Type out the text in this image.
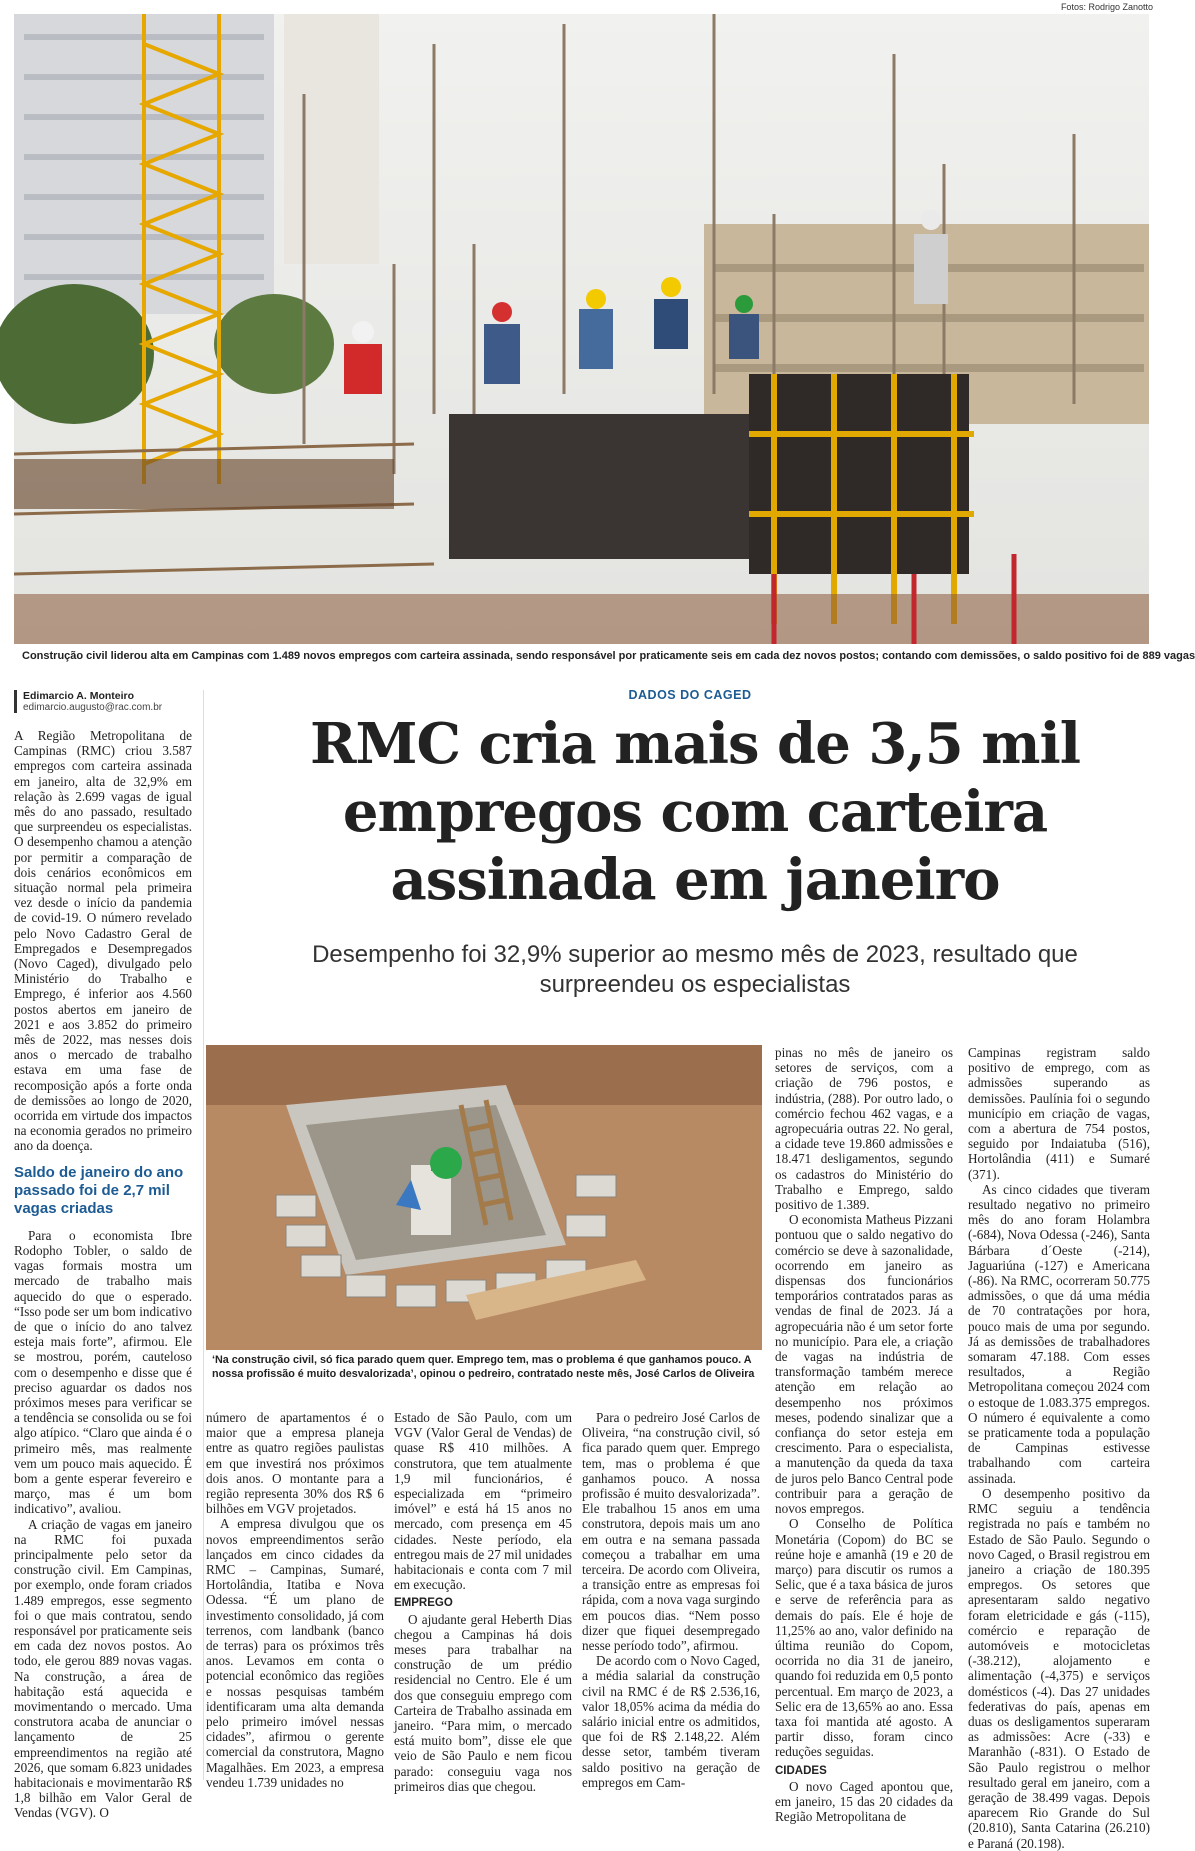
Fotos: Rodrigo Zanotto
Construção civil liderou alta em Campinas com 1.489 novos empregos com carteira assinada, sendo responsável por praticamente seis em cada dez novos postos; contando com demissões, o saldo positivo foi de 889 vagas
Edimarcio A. Monteiro
edimarcio.augusto@rac.com.br
DADOS DO CAGED
RMC cria mais de 3,5 mil empregos com carteira assinada em janeiro
Desempenho foi 32,9% superior ao mesmo mês de 2023, resultado que surpreendeu os especialistas

A Região Metropolitana de Campinas (RMC) criou 3.587 empregos com carteira assinada em janeiro, alta de 32,9% em relação às 2.699 vagas de igual mês do ano passado, resultado que surpreendeu os especialistas. O desempenho chamou a atenção por permitir a comparação de dois cenários econômicos em situação normal pela primeira vez desde o início da pandemia de covid-19. O número revelado pelo Novo Cadastro Geral de Empregados e Desempregados (Novo Caged), divulgado pelo Ministério do Trabalho e Emprego, é inferior aos 4.560 postos abertos em janeiro de 2021 e aos 3.852 do primeiro mês de 2022, mas nesses dois anos o mercado de trabalho estava em uma fase de recomposição após a forte onda de demissões ao longo de 2020, ocorrida em virtude dos impactos na economia gerados no primeiro ano da doença.

Saldo de janeiro do ano passado foi de 2,7 mil vagas criadas

Para o economista Ibre Rodopho Tobler, o saldo de vagas formais mostra um mercado de trabalho mais aquecido do que o esperado. “Isso pode ser um bom indicativo de que o início do ano talvez esteja mais forte”, afirmou. Ele se mostrou, porém, cauteloso com o desempenho e disse que é preciso aguardar os dados nos próximos meses para verificar se a tendência se consolida ou se foi algo atípico. “Claro que ainda é o primeiro mês, mas realmente vem um pouco mais aquecido. É bom a gente esperar fevereiro e março, mas é um bom indicativo”, avaliou.

A criação de vagas em janeiro na RMC foi puxada principalmente pelo setor da construção civil. Em Campinas, por exemplo, onde foram criados 1.489 empregos, esse segmento foi o que mais contratou, sendo responsável por praticamente seis em cada dez novos postos. Ao todo, ele gerou 889 novas vagas. Na construção, a área de habitação está aquecida e movimentando o mercado. Uma construtora acaba de anunciar o lançamento de 25 empreendimentos na região até 2026, que somam 6.823 unidades habitacionais e movimentarão R$ 1,8 bilhão em Valor Geral de Vendas (VGV). O

‘Na construção civil, só fica parado quem quer. Emprego tem, mas o problema é que ganhamos pouco. A nossa profissão é muito desvalorizada’, opinou o pedreiro, contratado neste mês, José Carlos de Oliveira

número de apartamentos é o maior que a empresa planeja entre as quatro regiões paulistas em que investirá nos próximos dois anos. O montante para a região representa 30% dos R$ 6 bilhões em VGV projetados.

A empresa divulgou que os novos empreendimentos serão lançados em cinco cidades da RMC – Campinas, Sumaré, Hortolândia, Itatiba e Nova Odessa. “É um plano de investimento consolidado, já com terrenos, com landbank (banco de terras) para os próximos três anos. Levamos em conta o potencial econômico das regiões e nossas pesquisas também identificaram uma alta demanda pelo primeiro imóvel nessas cidades”, afirmou o gerente comercial da construtora, Magno Magalhães. Em 2023, a empresa vendeu 1.739 unidades no

Estado de São Paulo, com um VGV (Valor Geral de Vendas) de quase R$ 410 milhões. A construtora, que tem atualmente 1,9 mil funcionários, é especializada em “primeiro imóvel” e está há 15 anos no mercado, com presença em 45 cidades. Neste período, ela entregou mais de 27 mil unidades habitacionais e conta com 7 mil em execução.

EMPREGO

O ajudante geral Heberth Dias chegou a Campinas há dois meses para trabalhar na construção de um prédio residencial no Centro. Ele é um dos que conseguiu emprego com Carteira de Trabalho assinada em janeiro. “Para mim, o mercado está muito bom”, disse ele que veio de São Paulo e nem ficou parado: conseguiu vaga nos primeiros dias que chegou.

Para o pedreiro José Carlos de Oliveira, “na construção civil, só fica parado quem quer. Emprego tem, mas o problema é que ganhamos pouco. A nossa profissão é muito desvalorizada”. Ele trabalhou 15 anos em uma construtora, depois mais um ano em outra e na semana passada começou a trabalhar em uma terceira. De acordo com Oliveira, a transição entre as empresas foi rápida, com a nova vaga surgindo em poucos dias. “Nem posso dizer que fiquei desempregado nesse período todo”, afirmou.

De acordo com o Novo Caged, a média salarial da construção civil na RMC é de R$ 2.536,16, valor 18,05% acima da média do salário inicial entre os admitidos, que foi de R$ 2.148,22. Além desse setor, também tiveram saldo positivo na geração de empregos em Cam-

pinas no mês de janeiro os setores de serviços, com a criação de 796 postos, e indústria, (288). Por outro lado, o comércio fechou 462 vagas, e a agropecuária outras 22. No geral, a cidade teve 19.860 admissões e 18.471 desligamentos, segundo os cadastros do Ministério do Trabalho e Emprego, saldo positivo de 1.389.

O economista Matheus Pizzani pontuou que o saldo negativo do comércio se deve à sazonalidade, ocorrendo em janeiro as dispensas dos funcionários temporários contratados paras as vendas de final de 2023. Já a agropecuária não é um setor forte no município. Para ele, a criação de vagas na indústria de transformação também merece atenção em relação ao desempenho nos próximos meses, podendo sinalizar que a confiança do setor esteja em crescimento. Para o especialista, a manutenção da queda da taxa de juros pelo Banco Central pode contribuir para a geração de novos empregos.

O Conselho de Política Monetária (Copom) do BC se reúne hoje e amanhã (19 e 20 de março) para discutir os rumos a Selic, que é a taxa básica de juros e serve de referência para as demais do país. Ele é hoje de 11,25% ao ano, valor definido na última reunião do Copom, ocorrida no dia 31 de janeiro, quando foi reduzida em 0,5 ponto percentual. Em março de 2023, a Selic era de 13,65% ao ano. Essa taxa foi mantida até agosto. A partir disso, foram cinco reduções seguidas.

CIDADES

O novo Caged apontou que, em janeiro, 15 das 20 cidades da Região Metropolitana de

Campinas registram saldo positivo de emprego, com as admissões superando as demissões. Paulínia foi o segundo município em criação de vagas, com a abertura de 754 postos, seguido por Indaiatuba (516), Hortolândia (411) e Sumaré (371).

As cinco cidades que tiveram resultado negativo no primeiro mês do ano foram Holambra (-684), Nova Odessa (-246), Santa Bárbara d´Oeste (-214), Jaguariúna (-127) e Americana (-86). Na RMC, ocorreram 50.775 admissões, o que dá uma média de 70 contratações por hora, pouco mais de uma por segundo. Já as demissões de trabalhadores somaram 47.188. Com esses resultados, a Região Metropolitana começou 2024 com o estoque de 1.083.375 empregos. O número é equivalente a como se praticamente toda a população de Campinas estivesse trabalhando com carteira assinada.

O desempenho positivo da RMC seguiu a tendência registrada no país e também no Estado de São Paulo. Segundo o novo Caged, o Brasil registrou em janeiro a criação de 180.395 empregos. Os setores que apresentaram saldo negativo foram eletricidade e gás (-115), comércio e reparação de automóveis e motocicletas (-38.212), alojamento e alimentação (-4,375) e serviços domésticos (-4). Das 27 unidades federativas do país, apenas em duas os desligamentos superaram as admissões: Acre (-33) e Maranhão (-831). O Estado de São Paulo registrou o melhor resultado geral em janeiro, com a geração de 38.499 vagas. Depois aparecem Rio Grande do Sul (20.810), Santa Catarina (26.210) e Paraná (20.198).
